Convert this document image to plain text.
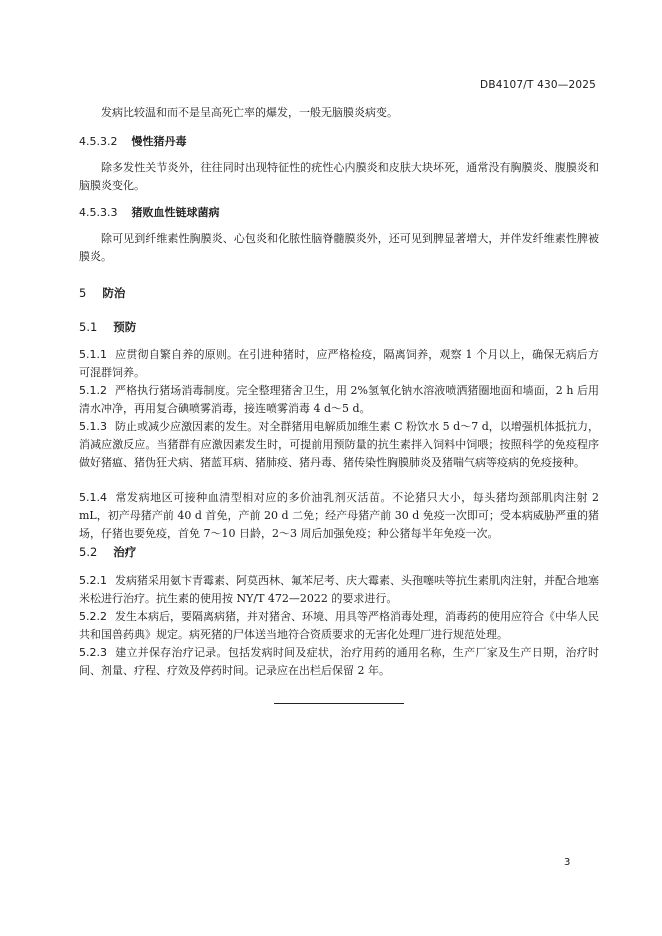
DB4107/T 430—2025

发病比较温和而不是呈高死亡率的爆发，一般无脑膜炎病变。

4.5.3.2 慢性猪丹毒

除多发性关节炎外，往往同时出现特征性的疣性心内膜炎和皮肤大块坏死，通常没有胸膜炎、腹膜炎和脑膜炎变化。

4.5.3.3 猪败血性链球菌病

除可见到纤维素性胸膜炎、心包炎和化脓性脑脊髓膜炎外，还可见到脾显著增大，并伴发纤维素性脾被膜炎。

5 防治
5.1 预防

5.1.1 应贯彻自繁自养的原则。在引进种猪时，应严格检疫，隔离饲养，观察 1 个月以上，确保无病后方可混群饲养。

5.1.2 严格执行猪场消毒制度。完全整理猪舍卫生，用 2%氢氧化钠水溶液喷洒猪圈地面和墙面，2 h 后用清水冲净，再用复合碘喷雾消毒，接连喷雾消毒 4 d～5 d。

5.1.3 防止或减少应激因素的发生。对全群猪用电解质加维生素 C 粉饮水 5 d～7 d，以增强机体抵抗力，消减应激反应。当猪群有应激因素发生时，可提前用预防量的抗生素拌入饲料中饲喂；按照科学的免疫程序做好猪瘟、猪伪狂犬病、猪蓝耳病、猪肺疫、猪丹毒、猪传染性胸膜肺炎及猪喘气病等疫病的免疫接种。

5.1.4 常发病地区可接种血清型相对应的多价油乳剂灭活苗。不论猪只大小，每头猪均颈部肌肉注射 2 mL，初产母猪产前 40 d 首免，产前 20 d 二免；经产母猪产前 30 d 免疫一次即可；受本病威胁严重的猪场，仔猪也要免疫，首免 7～10 日龄，2～3 周后加强免疫；种公猪每半年免疫一次。

5.2 治疗

5.2.1 发病猪采用氨卞青霉素、阿莫西林、氟苯尼考、庆大霉素、头孢噻呋等抗生素肌肉注射，并配合地塞米松进行治疗。抗生素的使用按 NY/T 472—2022 的要求进行。

5.2.2 发生本病后，要隔离病猪，并对猪舍、环境、用具等严格消毒处理，消毒药的使用应符合《中华人民共和国兽药典》规定。病死猪的尸体送当地符合资质要求的无害化处理厂进行规范处理。

5.2.3 建立并保存治疗记录。包括发病时间及症状，治疗用药的通用名称，生产厂家及生产日期，治疗时间、剂量、疗程、疗效及停药时间。记录应在出栏后保留 2 年。

3
